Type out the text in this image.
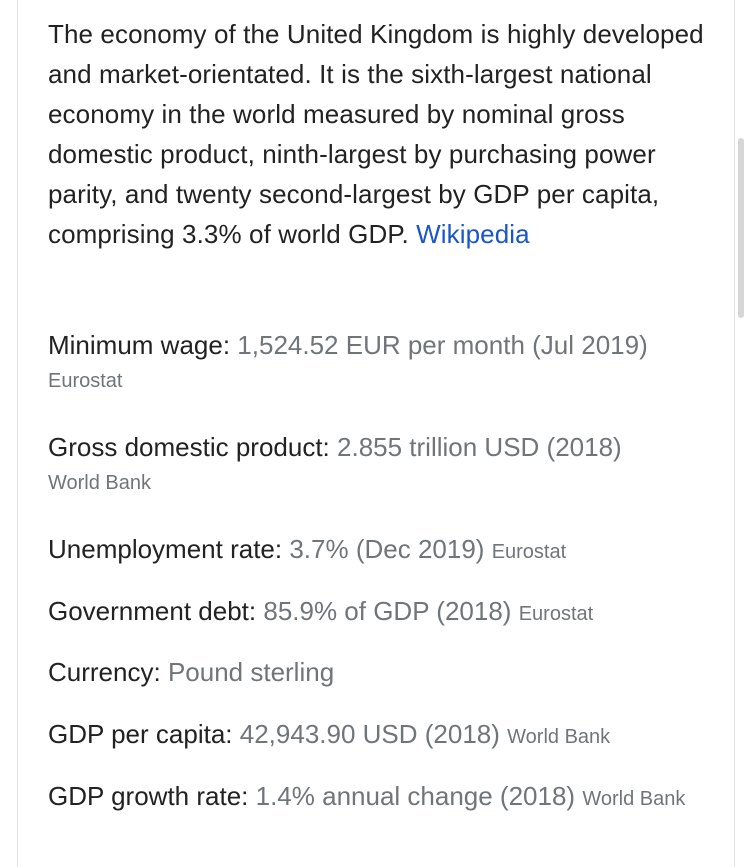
The economy of the United Kingdom is highly developed and market-orientated. It is the sixth-largest national economy in the world measured by nominal gross domestic product, ninth-largest by purchasing power parity, and twenty second-largest by GDP per capita, comprising 3.3% of world GDP. Wikipedia
Minimum wage: 1,524.52 EUR per month (Jul 2019)
Eurostat
Gross domestic product: 2.855 trillion USD (2018)
World Bank
Unemployment rate: 3.7% (Dec 2019) Eurostat
Government debt: 85.9% of GDP (2018) Eurostat
Currency: Pound sterling
GDP per capita: 42,943.90 USD (2018) World Bank
GDP growth rate: 1.4% annual change (2018) World Bank
